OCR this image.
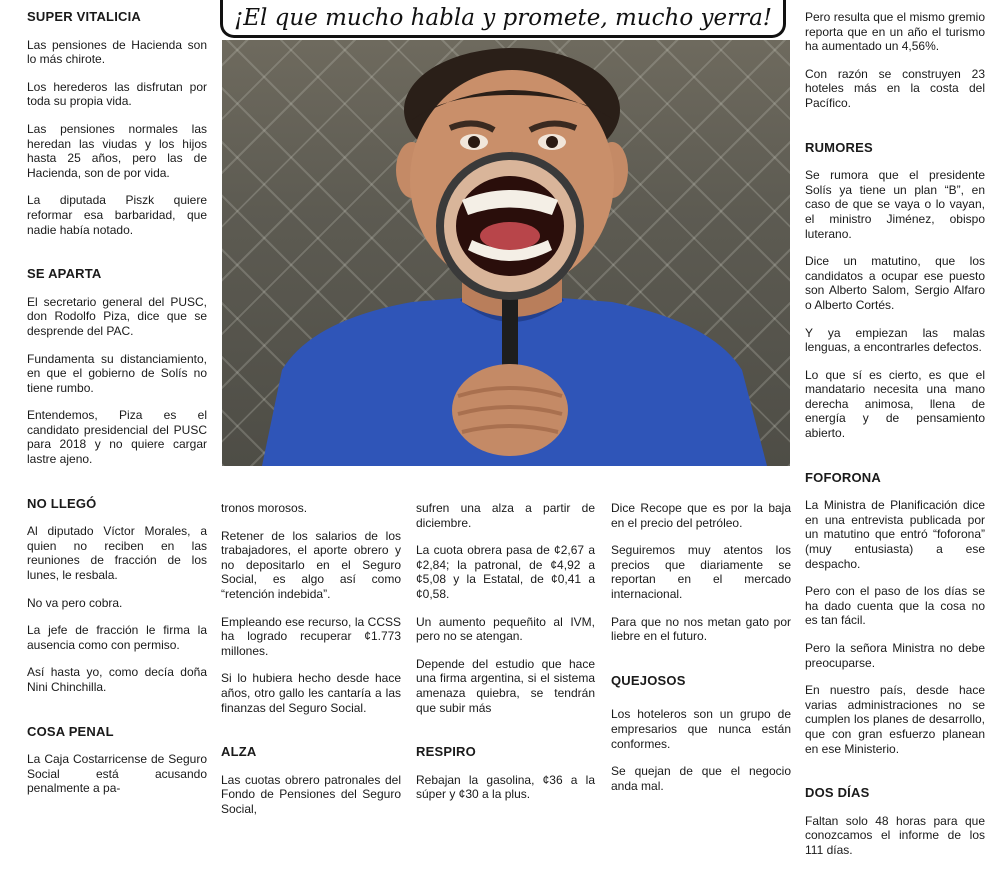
¡El que mucho habla y promete, mucho yerra!
SUPER VITALICIA

Las pensiones de Hacienda son lo más chirote.

Los herederos las disfrutan por toda su propia vida.

Las pensiones normales las heredan las viudas y los hijos hasta 25 años, pero las de Hacienda, son de por vida.

La diputada Piszk quiere reformar esa barbaridad, que nadie había notado.

SE APARTA

El secretario general del PUSC, don Rodolfo Piza, dice que se desprende del PAC.

Fundamenta su distanciamiento, en que el gobierno de Solís no tiene rumbo.

Entendemos, Piza es el candidato presidencial del PUSC para 2018 y no quiere cargar lastre ajeno.

NO LLEGÓ

Al diputado Víctor Morales, a quien no reciben en las reuniones de fracción de los lunes, le resbala.

No va pero cobra.

La jefe de fracción le firma la ausencia como con permiso.

Así hasta yo, como decía doña Nini Chinchilla.

COSA PENAL

La Caja Costarricense de Seguro Social está acusando penalmente a pa-

tronos morosos.

Retener de los salarios de los trabajadores, el aporte obrero y no depositarlo en el Seguro Social, es algo así como “retención indebida”.

Empleando ese recurso, la CCSS ha logrado recuperar ¢1.773 millones.

Si lo hubiera hecho desde hace años, otro gallo les cantaría a las finanzas del Seguro Social.

ALZA

Las cuotas obrero patronales del Fondo de Pensiones del Seguro Social,

sufren una alza a partir de diciembre.

La cuota obrera pasa de ¢2,67 a ¢2,84; la patronal, de ¢4,92 a ¢5,08 y la Estatal, de ¢0,41 a ¢0,58.

Un aumento pequeñito al IVM, pero no se atengan.

Depende del estudio que hace una firma argentina, si el sistema amenaza quiebra, se tendrán que subir más

RESPIRO

Rebajan la gasolina, ¢36 a la súper y ¢30 a la plus.

Dice Recope que es por la baja en el precio del petróleo.

Seguiremos muy atentos los precios que diariamente se reportan en el mercado internacional.

Para que no nos metan gato por liebre en el futuro.

QUEJOSOS

Los hoteleros son un grupo de empresarios que nunca están conformes.

Se quejan de que el negocio anda mal.

Pero resulta que el mismo gremio reporta que en un año el turismo ha aumentado un 4,56%.

Con razón se construyen 23 hoteles más en la costa del Pacífico.

RUMORES

Se rumora que el presidente Solís ya tiene un plan “B”, en caso de que se vaya o lo vayan, el ministro Jiménez, obispo luterano.

Dice un matutino, que los candidatos a ocupar ese puesto son Alberto Salom, Sergio Alfaro o Alberto Cortés.

Y ya empiezan las malas lenguas, a encontrarles defectos.

Lo que sí es cierto, es que el mandatario necesita una mano derecha animosa, llena de energía y de pensamiento abierto.

FOFORONA

La Ministra de Planificación dice en una entrevista publicada por un matutino que entró “foforona” (muy entusiasta) a ese despacho.

Pero con el paso de los días se ha dado cuenta que la cosa no es tan fácil.

Pero la señora Ministra no debe preocuparse.

En nuestro país, desde hace varias administraciones no se cumplen los planes de desarrollo, que con gran esfuerzo planean en ese Ministerio.

DOS DÍAS

Faltan solo 48 horas para que conozcamos el informe de los 111 días.
